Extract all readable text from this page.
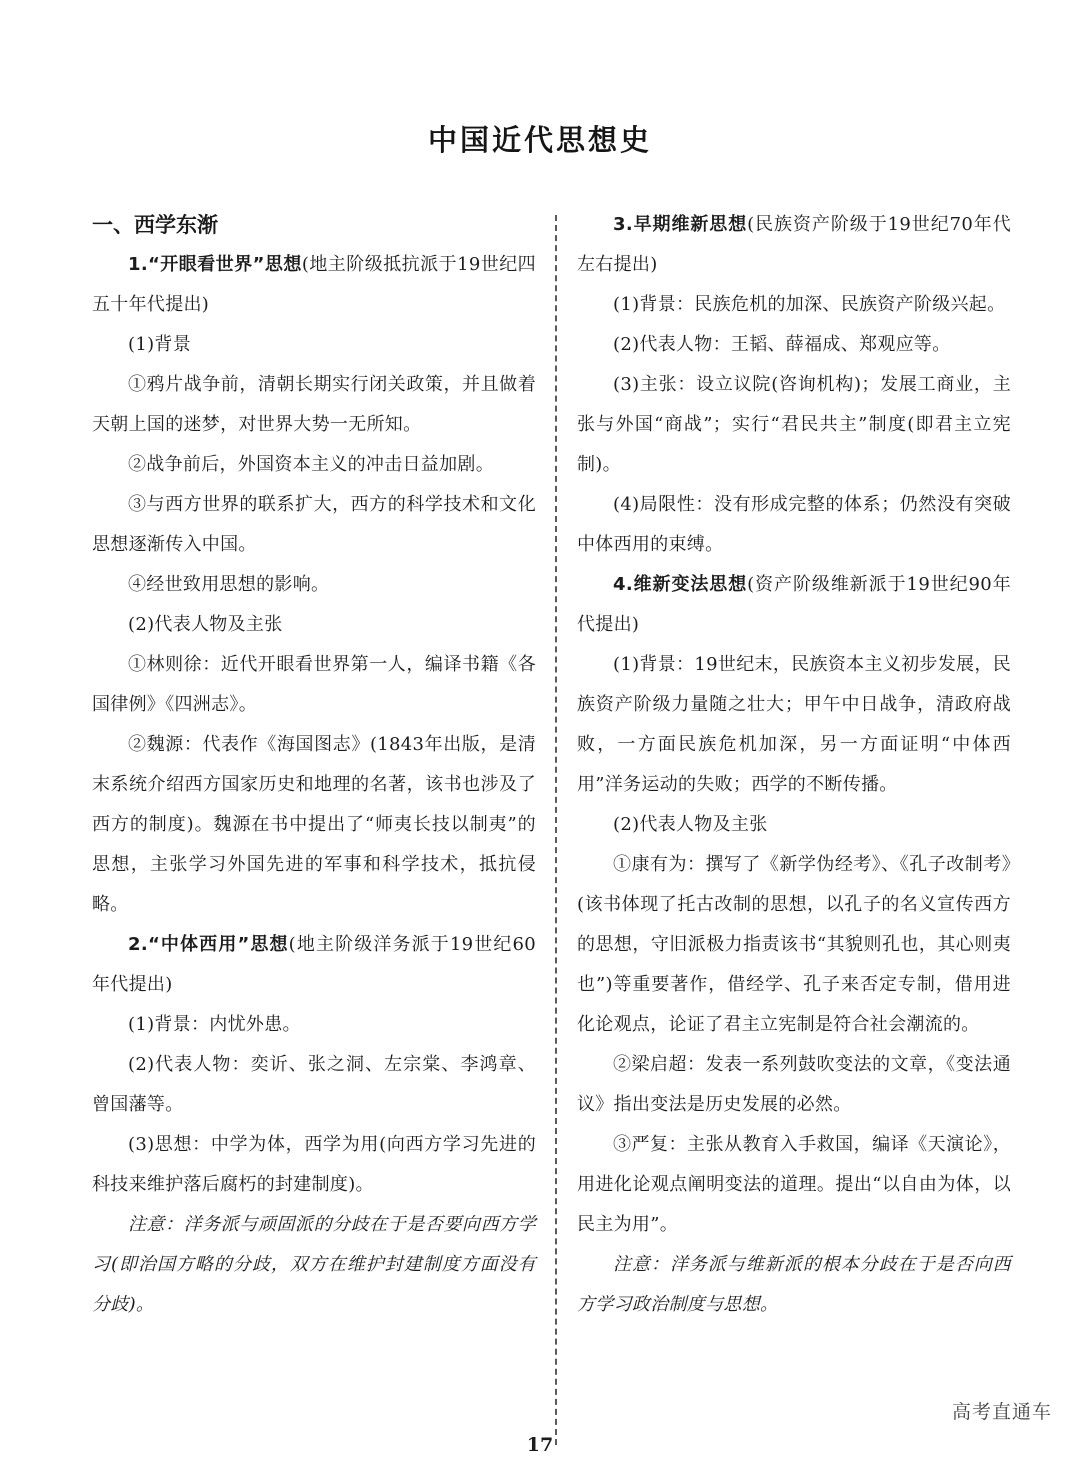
中国近代思想史
一、西学东渐

1.“开眼看世界”思想(地主阶级抵抗派于19世纪四五十年代提出)

(1)背景

①鸦片战争前，清朝长期实行闭关政策，并且做着天朝上国的迷梦，对世界大势一无所知。

②战争前后，外国资本主义的冲击日益加剧。

③与西方世界的联系扩大，西方的科学技术和文化思想逐渐传入中国。

④经世致用思想的影响。

(2)代表人物及主张

①林则徐：近代开眼看世界第一人，编译书籍《各国律例》《四洲志》。

②魏源：代表作《海国图志》(1843年出版，是清末系统介绍西方国家历史和地理的名著，该书也涉及了西方的制度)。魏源在书中提出了“师夷长技以制夷”的思想，主张学习外国先进的军事和科学技术，抵抗侵略。

2.“中体西用”思想(地主阶级洋务派于19世纪60年代提出)

(1)背景：内忧外患。

(2)代表人物：奕䜣、张之洞、左宗棠、李鸿章、曾国藩等。

(3)思想：中学为体，西学为用(向西方学习先进的科技来维护落后腐朽的封建制度)。

注意：洋务派与顽固派的分歧在于是否要向西方学习(即治国方略的分歧，双方在维护封建制度方面没有分歧)。

3.早期维新思想(民族资产阶级于19世纪70年代左右提出)

(1)背景：民族危机的加深、民族资产阶级兴起。

(2)代表人物：王韬、薛福成、郑观应等。

(3)主张：设立议院(咨询机构)；发展工商业，主张与外国“商战”；实行“君民共主”制度(即君主立宪制)。

(4)局限性：没有形成完整的体系；仍然没有突破中体西用的束缚。

4.维新变法思想(资产阶级维新派于19世纪90年代提出)

(1)背景：19世纪末，民族资本主义初步发展，民族资产阶级力量随之壮大；甲午中日战争，清政府战败，一方面民族危机加深，另一方面证明“中体西用”洋务运动的失败；西学的不断传播。

(2)代表人物及主张

①康有为：撰写了《新学伪经考》、《孔子改制考》(该书体现了托古改制的思想，以孔子的名义宣传西方的思想，守旧派极力指责该书“其貌则孔也，其心则夷也”)等重要著作，借经学、孔子来否定专制，借用进化论观点，论证了君主立宪制是符合社会潮流的。

②梁启超：发表一系列鼓吹变法的文章，《变法通议》指出变法是历史发展的必然。

③严复：主张从教育入手救国，编译《天演论》，用进化论观点阐明变法的道理。提出“以自由为体，以民主为用”。

注意：洋务派与维新派的根本分歧在于是否向西方学习政治制度与思想。

高考直通车
17
